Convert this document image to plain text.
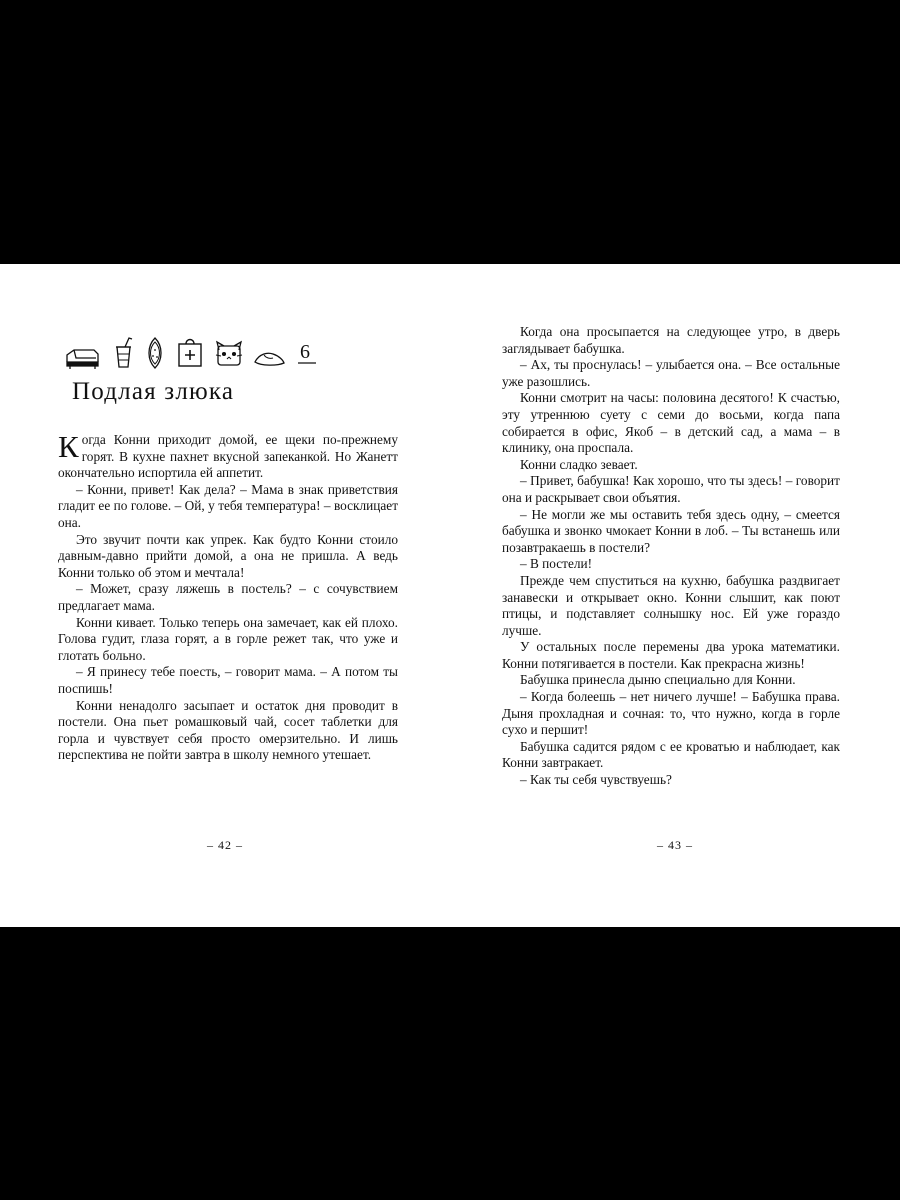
6
Подлая злюка

Когда Конни приходит домой, ее щеки по-прежнему горят. В кухне пахнет вкусной запеканкой. Но Жанетт окончательно испортила ей аппетит.

– Конни, привет! Как дела? – Мама в знак приветствия гладит ее по голове. – Ой, у тебя температура! – восклицает она.

Это звучит почти как упрек. Как будто Конни стоило давным-давно прийти домой, а она не пришла. А ведь Конни только об этом и мечтала!

– Может, сразу ляжешь в постель? – с сочувствием предлагает мама.

Конни кивает. Только теперь она замечает, как ей плохо. Голова гудит, глаза горят, а в горле режет так, что уже и глотать больно.

– Я принесу тебе поесть, – говорит мама. – А потом ты поспишь!

Конни ненадолго засыпает и остаток дня проводит в постели. Она пьет ромашковый чай, сосет таблетки для горла и чувствует себя просто омерзительно. И лишь перспектива не пойти завтра в школу немного утешает.

– 42 –

Когда она просыпается на следующее утро, в дверь заглядывает бабушка.

– Ах, ты проснулась! – улыбается она. – Все остальные уже разошлись.

Конни смотрит на часы: половина десятого! К счастью, эту утреннюю суету с семи до восьми, когда папа собирается в офис, Якоб – в детский сад, а мама – в клинику, она проспала.

Конни сладко зевает.

– Привет, бабушка! Как хорошо, что ты здесь! – говорит она и раскрывает свои объятия.

– Не могли же мы оставить тебя здесь одну, – смеется бабушка и звонко чмокает Конни в лоб. – Ты встанешь или позавтракаешь в постели?

– В постели!

Прежде чем спуститься на кухню, бабушка раздвигает занавески и открывает окно. Конни слышит, как поют птицы, и подставляет солнышку нос. Ей уже гораздо лучше.

У остальных после перемены два урока математики. Конни потягивается в постели. Как прекрасна жизнь!

Бабушка принесла дыню специально для Конни.

– Когда болеешь – нет ничего лучше! – Бабушка права. Дыня прохладная и сочная: то, что нужно, когда в горле сухо и першит!

Бабушка садится рядом с ее кроватью и наблюдает, как Конни завтракает.

– Как ты себя чувствуешь?

– 43 –
